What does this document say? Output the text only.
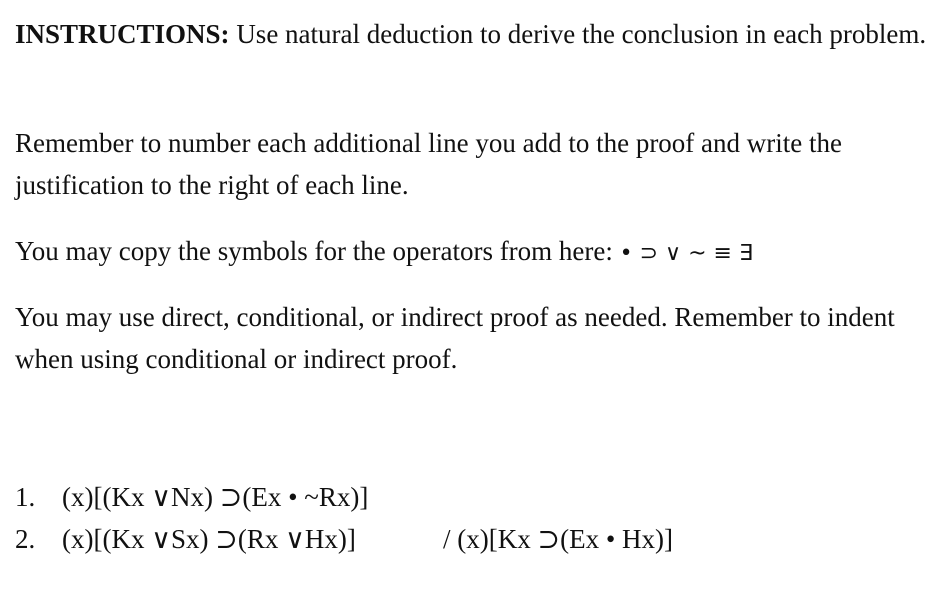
INSTRUCTIONS: Use natural deduction to derive the conclusion in each problem.

Remember to number each additional line you add to the proof and write the justification to the right of each line.

You may copy the symbols for the operators from here: • ⊃ ∨ ~ ≡ ∃

You may use direct, conditional, or indirect proof as needed. Remember to indent when using conditional or indirect proof.

1. (x)[(Kx ∨Nx) ⊃(Ex • ~Rx)]
2. (x)[(Kx ∨Sx) ⊃(Rx ∨Hx)]	/ (x)[Kx ⊃(Ex • Hx)]
